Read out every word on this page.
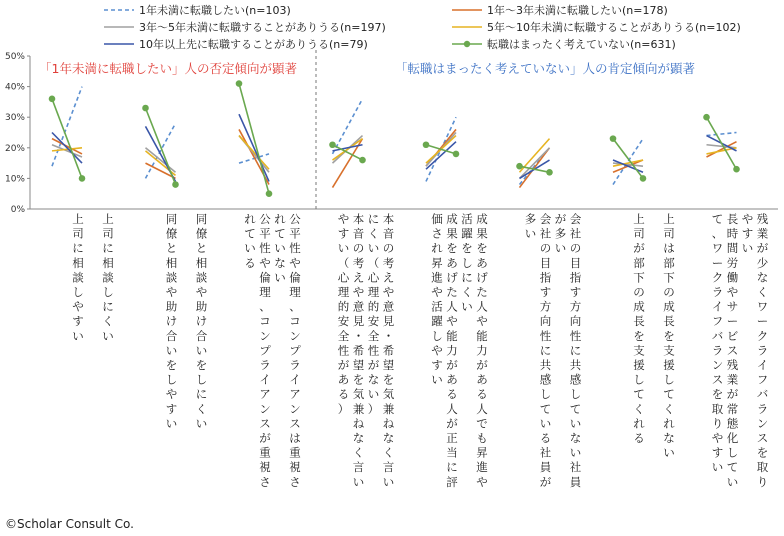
1年未満に転職したい(n=103)	1年～3年未満に転職したい(n=178)
3年～5年未満に転職することがありうる(n=197)	5年～10年未満に転職することがありうる(n=102)
10年以上先に転職することがありうる(n=79)	転職はまったく考えていない(n=631)
0%
10%
20%
30%
40%
50%
「1年未満に転職したい」人の否定傾向が顕著	「転職はまったく考えていない」人の肯定傾向が顕著
上
司
に
相
談
し
に
く
い
上
司
に
相
談
し
や
す
い
同
僚
と
相
談
や
助
け
合
い
を
し
に
く
い
同
僚
と
相
談
や
助
け
合
い
を
し
や
す
い
公
平
性
や
倫
理
、
コ
ン
プ
ラ
イ
ア
ン
ス
は
重
視
さ
れ
て
い
な
い
公
平
性
や
倫
理
、
コ
ン
プ
ラ
イ
ア
ン
ス
が
重
視
さ
れ
て
い
る
本
音
の
考
え
や
意
見
・
希
望
を
気
兼
ね
な
く
言
い
に
く
い
（
心
理
的
安
全
性
が
な
い
）
本
音
の
考
え
や
意
見
・
希
望
を
気
兼
ね
な
く
言
い
や
す
い
（
心
理
的
安
全
性
が
あ
る
）
成
果
を
あ
げ
た
人
や
能
力
が
あ
る
人
で
も
昇
進
や
活
躍
を
し
に
く
い
成
果
を
あ
げ
た
人
や
能
力
が
あ
る
人
が
正
当
に
評
価
さ
れ
昇
進
や
活
躍
し
や
す
い
会
社
の
目
指
す
方
向
性
に
共
感
し
て
い
な
い
社
員
が
多
い
会
社
の
目
指
す
方
向
性
に
共
感
し
て
い
る
社
員
が
多
い
上
司
は
部
下
の
成
長
を
支
援
し
て
く
れ
な
い
上
司
が
部
下
の
成
長
を
支
援
し
て
く
れ
る
残
業
が
少
な
く
ワ
ー
ク
ラ
イ
フ
バ
ラ
ン
ス
を
取
り
や
す
い
長
時
間
労
働
や
サ
ー
ビ
ス
残
業
が
常
態
化
し
て
い
て
、
ワ
ー
ク
ラ
イ
フ
バ
ラ
ン
ス
を
取
り
や
す
い
©Scholar Consult Co.
